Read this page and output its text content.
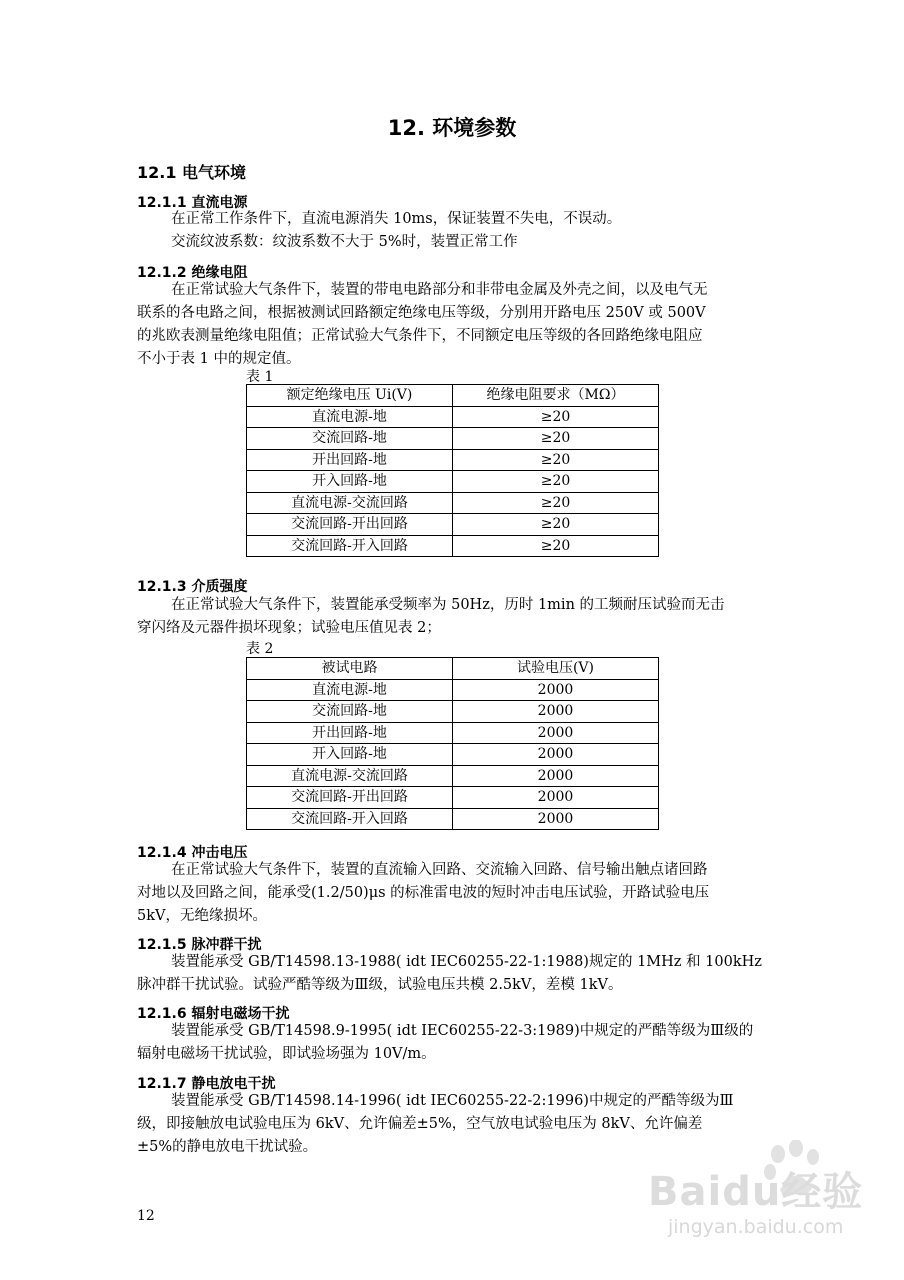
12. 环境参数
12.1 电气环境
12.1.1 直流电源
在正常工作条件下，直流电源消失 10ms，保证装置不失电，不误动。
交流纹波系数：纹波系数不大于 5%时，装置正常工作
12.1.2 绝缘电阻
在正常试验大气条件下，装置的带电电路部分和非带电金属及外壳之间，以及电气无
联系的各电路之间，根据被测试回路额定绝缘电压等级，分别用开路电压 250V 或 500V
的兆欧表测量绝缘电阻值；正常试验大气条件下，不同额定电压等级的各回路绝缘电阻应
不小于表 1 中的规定值。
表 1
额定绝缘电压 Ui(V)	绝缘电阻要求（MΩ）
直流电源-地	≥20
交流回路-地	≥20
开出回路-地	≥20
开入回路-地	≥20
直流电源-交流回路	≥20
交流回路-开出回路	≥20
交流回路-开入回路	≥20
12.1.3 介质强度
在正常试验大气条件下，装置能承受频率为 50Hz，历时 1min 的工频耐压试验而无击
穿闪络及元器件损坏现象；试验电压值见表 2；
表 2
被试电路	试验电压(V)
直流电源-地	2000
交流回路-地	2000
开出回路-地	2000
开入回路-地	2000
直流电源-交流回路	2000
交流回路-开出回路	2000
交流回路-开入回路	2000
12.1.4 冲击电压
在正常试验大气条件下，装置的直流输入回路、交流输入回路、信号输出触点诸回路
对地以及回路之间，能承受(1.2/50)μs 的标准雷电波的短时冲击电压试验，开路试验电压
5kV，无绝缘损坏。
12.1.5 脉冲群干扰
装置能承受 GB/T14598.13-1988( idt IEC60255-22-1:1988)规定的 1MHz 和 100kHz
脉冲群干扰试验。试验严酷等级为Ⅲ级，试验电压共模 2.5kV，差模 1kV。
12.1.6 辐射电磁场干扰
装置能承受 GB/T14598.9-1995( idt IEC60255-22-3:1989)中规定的严酷等级为Ⅲ级的
辐射电磁场干扰试验，即试验场强为 10V/m。
12.1.7 静电放电干扰
装置能承受 GB/T14598.14-1996( idt IEC60255-22-2:1996)中规定的严酷等级为Ⅲ
级，即接触放电试验电压为 6kV、允许偏差±5%，空气放电试验电压为 8kV、允许偏差
±5%的静电放电干扰试验。
12
Baidu经验
jingyan.baidu.com
